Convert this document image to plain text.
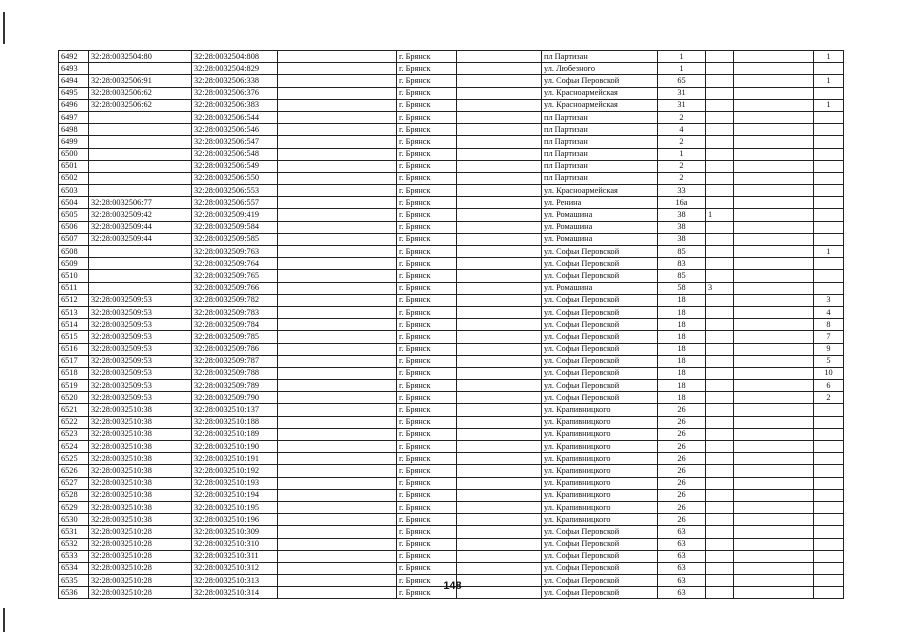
6492	32:28:0032504:80	32:28:0032504:808		г. Брянск		пл Партизан	1			1
6493		32:28:0032504:829		г. Брянск		ул. Любезного	1			
6494	32:28:0032506:91	32:28:0032506:338		г. Брянск		ул. Софьи Перовской	65			1
6495	32:28:0032506:62	32:28:0032506:376		г. Брянск		ул. Красноармейская	31			
6496	32:28:0032506:62	32:28:0032506:383		г. Брянск		ул. Красноармейская	31			1
6497		32:28:0032506:544		г. Брянск		пл Партизан	2			
6498		32:28:0032506:546		г. Брянск		пл Партизан	4			
6499		32:28:0032506:547		г. Брянск		пл Партизан	2			
6500		32:28:0032506:548		г. Брянск		пл Партизан	1			
6501		32:28:0032506:549		г. Брянск		пл Партизан	2			
6502		32:28:0032506:550		г. Брянск		пл Партизан	2			
6503		32:28:0032506:553		г. Брянск		ул. Красноармейская	33			
6504	32:28:0032506:77	32:28:0032506:557		г. Брянск		ул. Ренина	16а			
6505	32:28:0032509:42	32:28:0032509:419		г. Брянск		ул. Ромашина	38	1		
6506	32:28:0032509:44	32:28:0032509:584		г. Брянск		ул. Ромашина	38			
6507	32:28:0032509:44	32:28:0032509:585		г. Брянск		ул. Ромашина	38			
6508		32:28:0032509:763		г. Брянск		ул. Софьи Перовской	85			1
6509		32:28:0032509:764		г. Брянск		ул. Софьи Перовской	83			
6510		32:28:0032509:765		г. Брянск		ул. Софьи Перовской	85			
6511		32:28:0032509:766		г. Брянск		ул. Ромашина	58	3		
6512	32:28:0032509:53	32:28:0032509:782		г. Брянск		ул. Софьи Перовской	18			3
6513	32:28:0032509:53	32:28:0032509:783		г. Брянск		ул. Софьи Перовской	18			4
6514	32:28:0032509:53	32:28:0032509:784		г. Брянск		ул. Софьи Перовской	18			8
6515	32:28:0032509:53	32:28:0032509:785		г. Брянск		ул. Софьи Перовской	18			7
6516	32:28:0032509:53	32:28:0032509:786		г. Брянск		ул. Софьи Перовской	18			9
6517	32:28:0032509:53	32:28:0032509:787		г. Брянск		ул. Софьи Перовской	18			5
6518	32:28:0032509:53	32:28:0032509:788		г. Брянск		ул. Софьи Перовской	18			10
6519	32:28:0032509:53	32:28:0032509:789		г. Брянск		ул. Софьи Перовской	18			6
6520	32:28:0032509:53	32:28:0032509:790		г. Брянск		ул. Софьи Перовской	18			2
6521	32:28:0032510:38	32:28:0032510:137		г. Брянск		ул. Крапивницкого	26			
6522	32:28:0032510:38	32:28:0032510:188		г. Брянск		ул. Крапивницкого	26			
6523	32:28:0032510:38	32:28:0032510:189		г. Брянск		ул. Крапивницкого	26			
6524	32:28:0032510:38	32:28:0032510:190		г. Брянск		ул. Крапивницкого	26			
6525	32:28:0032510:38	32:28:0032510:191		г. Брянск		ул. Крапивницкого	26			
6526	32:28:0032510:38	32:28:0032510:192		г. Брянск		ул. Крапивницкого	26			
6527	32:28:0032510:38	32:28:0032510:193		г. Брянск		ул. Крапивницкого	26			
6528	32:28:0032510:38	32:28:0032510:194		г. Брянск		ул. Крапивницкого	26			
6529	32:28:0032510:38	32:28:0032510:195		г. Брянск		ул. Крапивницкого	26			
6530	32:28:0032510:38	32:28:0032510:196		г. Брянск		ул. Крапивницкого	26			
6531	32:28:0032510:28	32:28:0032510:309		г. Брянск		ул. Софьи Перовской	63			
6532	32:28:0032510:28	32:28:0032510:310		г. Брянск		ул. Софьи Перовской	63			
6533	32:28:0032510:28	32:28:0032510:311		г. Брянск		ул. Софьи Перовской	63			
6534	32:28:0032510:28	32:28:0032510:312		г. Брянск		ул. Софьи Перовской	63			
6535	32:28:0032510:28	32:28:0032510:313		г. Брянск		ул. Софьи Перовской	63			
6536	32:28:0032510:28	32:28:0032510:314		г. Брянск		ул. Софьи Перовской	63			
148
